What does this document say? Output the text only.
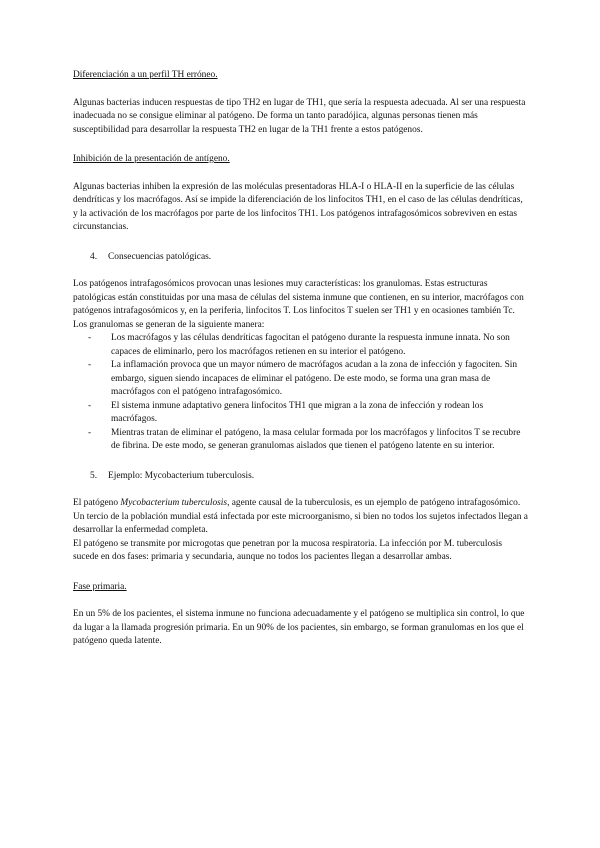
Diferenciación a un perfil TH erróneo.

Algunas bacterias inducen respuestas de tipo TH2 en lugar de TH1, que sería la respuesta adecuada. Al ser una respuesta inadecuada no se consigue eliminar al patógeno. De forma un tanto paradójica, algunas personas tienen más susceptibilidad para desarrollar la respuesta TH2 en lugar de la TH1 frente a estos patógenos.

Inhibición de la presentación de antígeno.

Algunas bacterias inhiben la expresión de las moléculas presentadoras HLA-I o HLA-II en la superficie de las células dendríticas y los macrófagos. Así se impide la diferenciación de los linfocitos TH1, en el caso de las células dendríticas, y la activación de los macrófagos por parte de los linfocitos TH1. Los patógenos intrafagosómicos sobreviven en estas circunstancias.

4.	Consecuencias patológicas.

Los patógenos intrafagosómicos provocan unas lesiones muy características: los granulomas. Estas estructuras patológicas están constituidas por una masa de células del sistema inmune que contienen, en su interior, macrófagos con patógenos intrafagosómicos y, en la periferia, linfocitos T. Los linfocitos T suelen ser TH1 y en ocasiones también Tc. Los granulomas se generan de la siguiente manera:

-	Los macrófagos y las células dendríticas fagocitan el patógeno durante la respuesta inmune innata. No son capaces de eliminarlo, pero los macrófagos retienen en su interior el patógeno.
-	La inflamación provoca que un mayor número de macrófagos acudan a la zona de infección y fagociten. Sin embargo, siguen siendo incapaces de eliminar el patógeno. De este modo, se forma una gran masa de macrófagos con el patógeno intrafagosómico.
-	El sistema inmune adaptativo genera linfocitos TH1 que migran a la zona de infección y rodean los macrófagos.
-	Mientras tratan de eliminar el patógeno, la masa celular formada por los macrófagos y linfocitos T se recubre de fibrina. De este modo, se generan granulomas aislados que tienen el patógeno latente en su interior.
5.	Ejemplo: Mycobacterium tuberculosis.

El patógeno Mycobacterium tuberculosis, agente causal de la tuberculosis, es un ejemplo de patógeno intrafagosómico. Un tercio de la población mundial está infectada por este microorganismo, si bien no todos los sujetos infectados llegan a desarrollar la enfermedad completa.

El patógeno se transmite por microgotas que penetran por la mucosa respiratoria. La infección por M. tuberculosis sucede en dos fases: primaria y secundaria, aunque no todos los pacientes llegan a desarrollar ambas.

Fase primaria.

En un 5% de los pacientes, el sistema inmune no funciona adecuadamente y el patógeno se multiplica sin control, lo que da lugar a la llamada progresión primaria. En un 90% de los pacientes, sin embargo, se forman granulomas en los que el patógeno queda latente.
